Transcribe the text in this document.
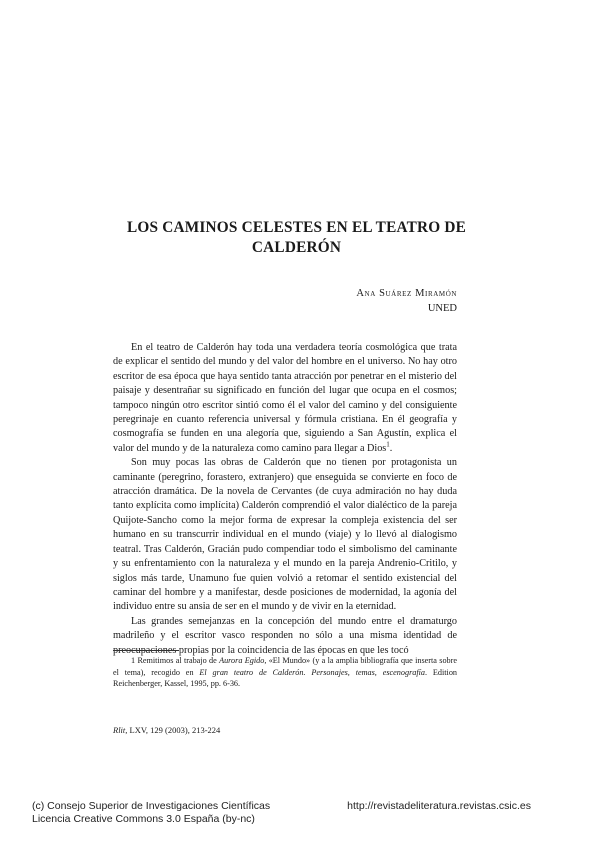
LOS CAMINOS CELESTES EN EL TEATRO DE
CALDERÓN
Ana Suárez Miramón
UNED

En el teatro de Calderón hay toda una verdadera teoría cosmológica que trata de explicar el sentido del mundo y del valor del hombre en el universo. No hay otro escritor de esa época que haya sentido tanta atracción por penetrar en el misterio del paisaje y desentrañar su significado en función del lugar que ocupa en el cosmos; tampoco ningún otro escritor sintió como él el valor del camino y del consiguiente peregrinaje en cuanto referencia universal y fórmula cristiana. En él geografía y cosmografía se funden en una alegoría que, siguiendo a San Agustín, explica el valor del mundo y de la naturaleza como camino para llegar a Dios$^1$.

Son muy pocas las obras de Calderón que no tienen por protagonista un caminante (peregrino, forastero, extranjero) que enseguida se convierte en foco de atracción dramática. De la novela de Cervantes (de cuya admiración no hay duda tanto explícita como implícita) Calderón comprendió el valor dialéctico de la pareja Quijote-Sancho como la mejor forma de expresar la compleja existencia del ser humano en su transcurrir individual en el mundo (viaje) y lo llevó al dialogismo teatral. Tras Calderón, Gracián pudo compendiar todo el simbolismo del caminante y su enfrentamiento con la naturaleza y el mundo en la pareja Andrenio-Critilo, y siglos más tarde, Unamuno fue quien volvió a retomar el sentido existencial del caminar del hombre y a manifestar, desde posiciones de modernidad, la agonía del individuo entre su ansia de ser en el mundo y de vivir en la eternidad.

Las grandes semejanzas en la concepción del mundo entre el dramaturgo madrileño y el escritor vasco responden no sólo a una misma identidad de preocupaciones propias por la coincidencia de las épocas en que les tocó

1 Remitimos al trabajo de Aurora Egido, «El Mundo» (y a la amplia bibliografía que inserta sobre el tema), recogido en El gran teatro de Calderón. Personajes, temas, escenografía. Edition Reichenberger, Kassel, 1995, pp. 6-36.
Rlit, LXV, 129 (2003), 213-224
(c) Consejo Superior de Investigaciones Científicas
Licencia Creative Commons 3.0 España (by-nc)
http://revistadeliteratura.revistas.csic.es
